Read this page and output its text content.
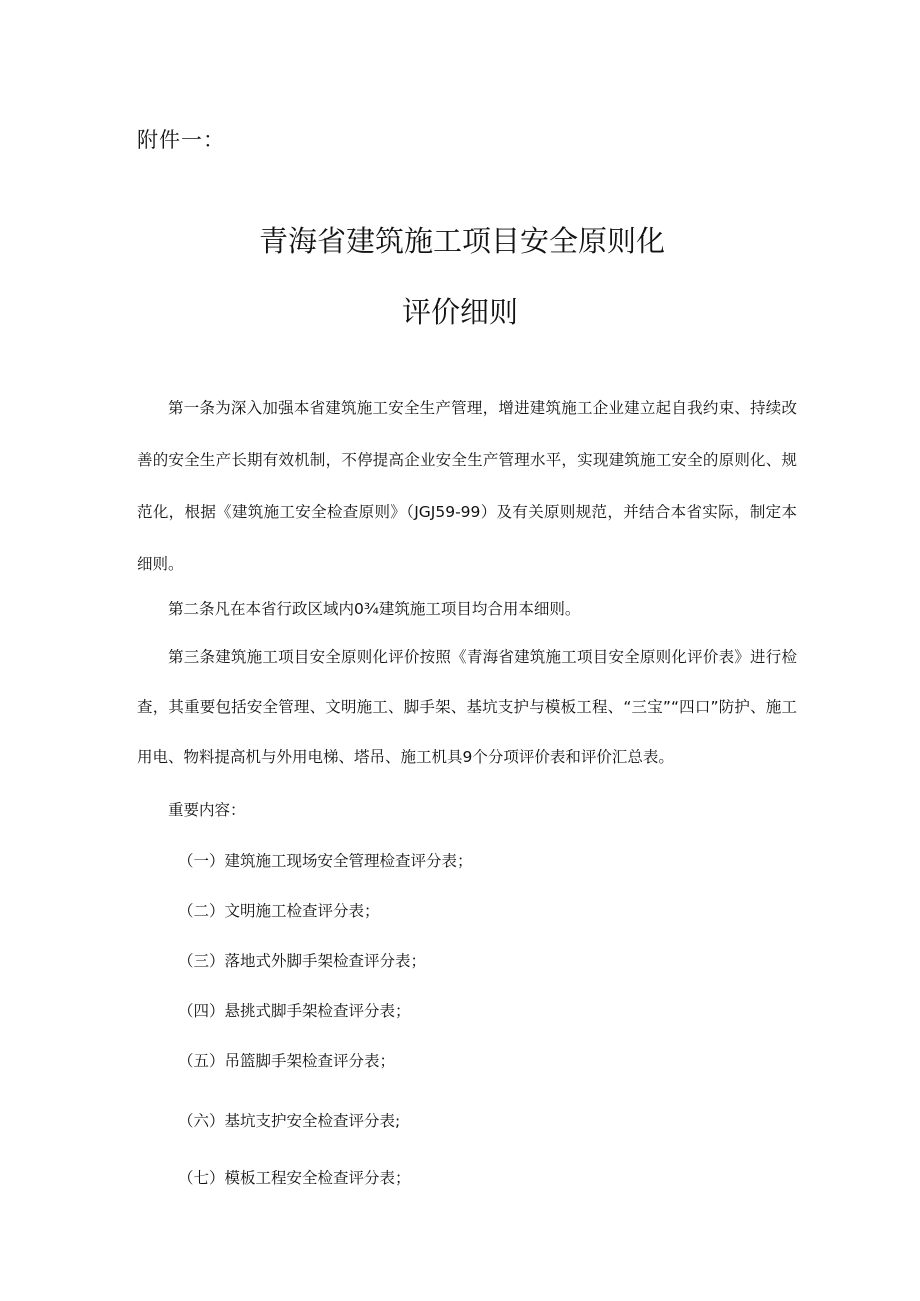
附件一：
青海省建筑施工项目安全原则化
评价细则

第一条为深入加强本省建筑施工安全生产管理，增进建筑施工企业建立起自我约束、持续改善的安全生产长期有效机制，不停提高企业安全生产管理水平，实现建筑施工安全的原则化、规范化，根据《建筑施工安全检查原则》（JGJ59-99）及有关原则规范，并结合本省实际，制定本细则。

第二条凡在本省行政区域内0¾建筑施工项目均合用本细则。

第三条建筑施工项目安全原则化评价按照《青海省建筑施工项目安全原则化评价表》进行检查，其重要包括安全管理、文明施工、脚手架、基坑支护与模板工程、“三宝”“四口”防护、施工用电、物料提高机与外用电梯、塔吊、施工机具9个分项评价表和评价汇总表。

重要内容：
（一）建筑施工现场安全管理检查评分表；
（二）文明施工检查评分表；
（三）落地式外脚手架检查评分表；
（四）悬挑式脚手架检查评分表；
（五）吊篮脚手架检查评分表；
（六）基坑支护安全检查评分表;
（七）模板工程安全检查评分表；
